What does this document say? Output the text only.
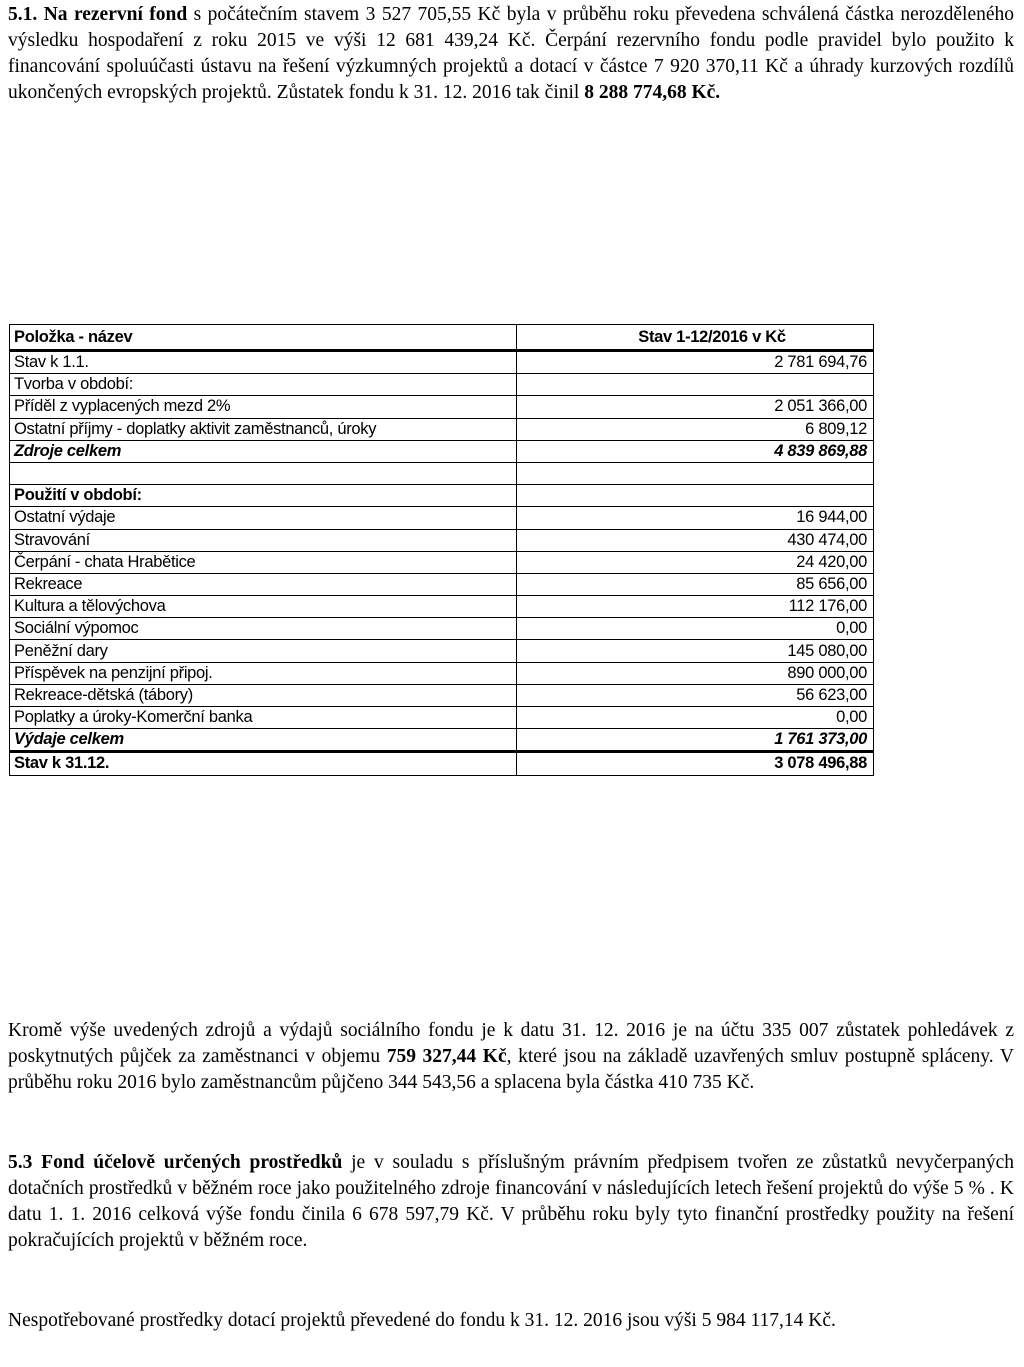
5.1. Na rezervní fond s počátečním stavem 3 527 705,55 Kč byla v průběhu roku převedena schválená částka nerozděleného výsledku hospodaření z roku 2015 ve výši 12 681 439,24 Kč. Čerpání rezervního fondu podle pravidel bylo použito k financování spoluúčasti ústavu na řešení výzkumných projektů a dotací v částce 7 920 370,11 Kč a úhrady kurzových rozdílů ukončených evropských projektů. Zůstatek fondu k 31. 12. 2016 tak činil 8 288 774,68 Kč.
Položka - název	Stav 1-12/2016 v Kč
Stav k 1.1.	2 781 694,76
Tvorba v období:	
Příděl z vyplacených mezd 2%	2 051 366,00
Ostatní příjmy - doplatky aktivit zaměstnanců, úroky	6 809,12
Zdroje celkem	4 839 869,88

Použití v období:	
Ostatní výdaje	16 944,00
Stravování	430 474,00
Čerpání - chata Hrabětice	24 420,00
Rekreace	85 656,00
Kultura a tělovýchova	112 176,00
Sociální výpomoc	0,00
Peněžní dary	145 080,00
Příspěvek na penzijní připoj.	890 000,00
Rekreace-dětská (tábory)	56 623,00
Poplatky a úroky-Komerční banka	0,00
Výdaje celkem	1 761 373,00
Stav k 31.12.	3 078 496,88
Kromě výše uvedených zdrojů a výdajů sociálního fondu je k datu 31. 12. 2016 je na účtu 335 007 zůstatek pohledávek z poskytnutých půjček za zaměstnanci v objemu 759 327,44 Kč, které jsou na základě uzavřených smluv postupně spláceny. V průběhu roku 2016 bylo zaměstnancům půjčeno 344 543,56 a splacena byla částka 410 735 Kč.
5.3 Fond účelově určených prostředků je v souladu s příslušným právním předpisem tvořen ze zůstatků nevyčerpaných dotačních prostředků v běžném roce jako použitelného zdroje financování v následujících letech řešení projektů do výše 5 % . K datu 1. 1. 2016 celková výše fondu činila 6 678 597,79 Kč. V průběhu roku byly tyto finanční prostředky použity na řešení pokračujících projektů v běžném roce.
Nespotřebované prostředky dotací projektů převedené do fondu k 31. 12. 2016 jsou výši 5 984 117,14 Kč.
